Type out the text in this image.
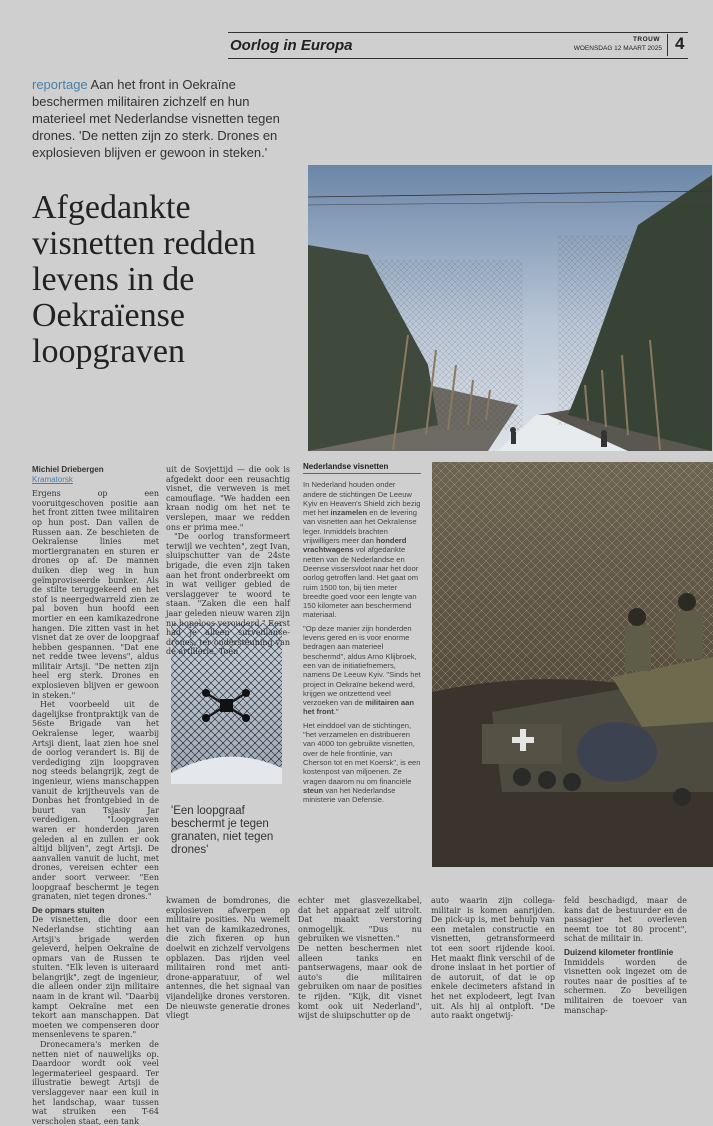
Oorlog in Europa	TROUW
WOENSDAG 12 MAART 2025 4
reportage Aan het front in Oekraïne beschermen militairen zichzelf en hun materieel met Nederlandse visnetten tegen drones. 'De netten zijn zo sterk. Drones en explosieven blijven er gewoon in steken.'
Afgedankte visnetten redden levens in de Oekraïense loopgraven

Michiel Driebergen

Kramatorsk

Ergens op een vooruitgeschoven positie aan het front zitten twee militairen op hun post. Dan vallen de Russen aan. Ze beschieten de Oekraïense linies met mortiergranaten en sturen er drones op af. De mannen duiken diep weg in hun geïmproviseerde bunker. Als de stilte teruggekeerd en het stof is neergedwarreld zien ze pal boven hun hoofd een mortier en een kamikazedrone hangen. Die zitten vast in het visnet dat ze over de loopgraaf hebben gespannen. "Dat ene net redde twee levens", aldus militair Artsji. "De netten zijn heel erg sterk. Drones en explosieven blijven er gewoon in steken."

Het voorbeeld uit de dagelijkse frontpraktijk van de 56ste Brigade van het Oekraïense leger, waarbij Artsji dient, laat zien hoe snel de oorlog verandert is. Bij de verdediging zijn loopgraven nog steeds belangrijk, zegt de ingenieur, wiens manschappen vanuit de krijtheuvels van de Donbas het frontgebied in de buurt van Tsjasiv Jar verdedigen. "Loopgraven waren er honderden jaren geleden al en zullen er ook altijd blijven", zegt Artsji. De aanvallen vanuit de lucht, met drones, vereisen echter een ander soort verweer. "Een loopgraaf beschermt je tegen granaten, niet tegen drones."

De opmars stuiten

De visnetten, die door een Nederlandse stichting aan Artsji's brigade werden geleverd, helpen Oekraïne de opmars van de Russen te stuiten. "Elk leven is uiteraard belangrijk", zegt de ingenieur, die alleen onder zijn militaire naam in de krant wil. "Daarbij kampt Oekraïne met een tekort aan manschappen. Dat moeten we compenseren door mensenlevens te sparen."

Dronecamera's merken de netten niet of nauwelijks op. Daardoor wordt ook veel legermaterieel gespaard. Ter illustratie bewegt Artsji de verslaggever naar een kuil in het landschap, waar tussen wat struiken een T-64 verscholen staat, een tank

uit de Sovjettijd — die ook is afgedekt door een reusachtig visnet, die verweven is met camouflage. "We hadden een kraan nodig om het net te verslepen, maar we redden ons er prima mee."

"De oorlog transformeert terwijl we vechten", zegt Ivan, sluipschutter van de 24ste brigade, die even zijn taken aan het front onderbreekt om in wat veiliger gebied de verslaggever te woord te staan. "Zaken die een half jaar geleden nieuw waren zijn nu hopeloos verouderd." Eerst had je alleen surveillance-drones, ter ondersteuning van de artillerie. Toen

'Een loopgraaf beschermt je tegen granaten, niet tegen drones'

kwamen de bomdrones, die explosieven afwerpen op militaire posities. Nu wemelt het van de kamikazedrones, die zich fixeren op hun doelwit en zichzelf vervolgens opblazen. Das rijden veel militairen rond met anti-drone-apparatuur, of wel antennes, die het signaal van vijandelijke drones verstoren. De nieuwste generatie drones vliegt

Nederlandse visnetten

In Nederland houden onder andere de stichtingen De Leeuw Kyiv en Heaven's Shield zich bezig met het inzamelen en de levering van visnetten aan het Oekraïense leger. Inmiddels brachten vrijwilligers meer dan honderd vrachtwagens vol afgedankte netten van de Nederlandse en Deense vissersvloot naar het door oorlog getroffen land. Het gaat om ruim 1500 ton, bij tien meter breedte goed voor een lengte van 150 kilometer aan beschermend materiaal.

"Op deze manier zijn honderden levens gered en is voor enorme bedragen aan materieel beschermd", aldus Arno Klijbroek, een van de initiatiefnemers, namens De Leeuw Kyiv. "Sinds het project in Oekraïne bekend werd, krijgen we ontzettend veel verzoeken van de militairen aan het front."

Het einddoel van de stichtingen, "het verzamelen en distribueren van 4000 ton gebruikte visnetten, over de hele frontlinie, van Cherson tot en met Koersk", is een kostenpost van miljoenen. Ze vragen daarom nu om financiële steun van het Nederlandse ministerie van Defensie.

echter met glasvezelkabel, dat het apparaat zelf uitrolt. Dat maakt verstoring onmogelijk. "Dus nu gebruiken we visnetten."
De netten beschermen niet alleen tanks en pantserwagens, maar ook de auto's die militairen gebruiken om naar de posities te rijden. "Kijk, dit visnet komt ook uit Nederland", wijst de sluipschutter op de
auto waarin zijn collega-militair is komen aanrijden. De pick-up is, met behulp van een metalen constructie en visnetten, getransformeerd tot een soort rijdende kooi. Het maakt flink verschil of de drone inslaat in het portier of de autoruit, of dat ie op enkele decimeters afstand in het net explodeert, legt Ivan uit. Als hij al ontploft. "De auto raakt ongetwij-

feld beschadigd, maar de kans dat de bestuurder en de passagier het overleven neemt toe tot 80 procent", schat de militair in.

Duizend kilometer frontlinie

Inmiddels worden de visnetten ook ingezet om de routes naar de posities af te schermen. Zo beveiligen militairen de toevoer van manschap-
